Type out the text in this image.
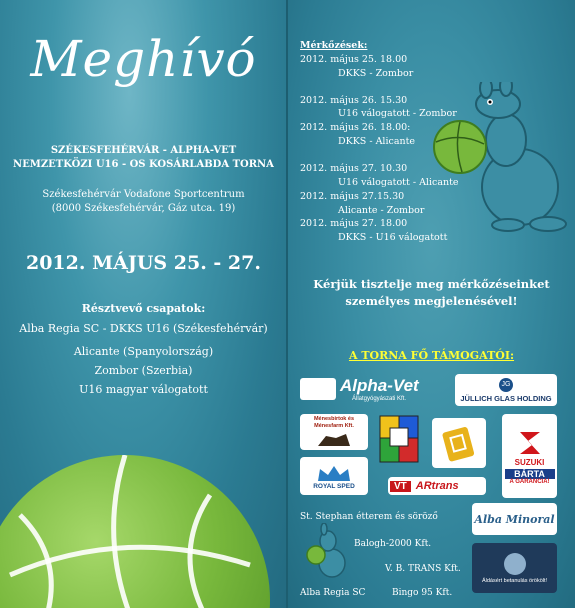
Meghívó
SZÉKESFEHÉRVÁR - ALPHA-VET
NEMZETKÖZI U16 - OS KOSÁRLABDA TORNA
Székesfehérvár Vodafone Sportcentrum
(8000 Székesfehérvár, Gáz utca. 19)
2012. MÁJUS 25. - 27.
Résztvevő csapatok:
Alba Regia SC - DKKS U16 (Székesfehérvár)
Alicante (Spanyolország)
Zombor (Szerbia)
U16 magyar válogatott
Mérkőzések:
2012. május 25. 18.00
DKKS - Zombor
2012. május 26. 15.30
U16 válogatott - Zombor
2012. május 26. 18.00:
DKKS - Alicante
2012. május 27. 10.30
U16 válogatott - Alicante
2012. május 27.15.30
Alicante - Zombor
2012. május 27. 18.00
DKKS - U16 válogatott
Kérjük tisztelje meg mérkőzéseinket
személyes megjelenésével!
A TORNA FŐ TÁMOGATÓI:
Alpha-Vet
Állatgyógyászati Kft.
JG
JÜLLICH GLAS HOLDING
Ménesbirtok és Ménesfarm Kft.
SUZUKI
BÁRTA
A GARANCIA!
ROYAL SPED	VT ARtrans
St. Stephan étterem és söröző	Alba Minoral
Balogh-2000 Kft.
V. B. TRANS Kft.
Áldásért betanulás örökölt!
Alba Regia SC	Bingo 95 Kft.
